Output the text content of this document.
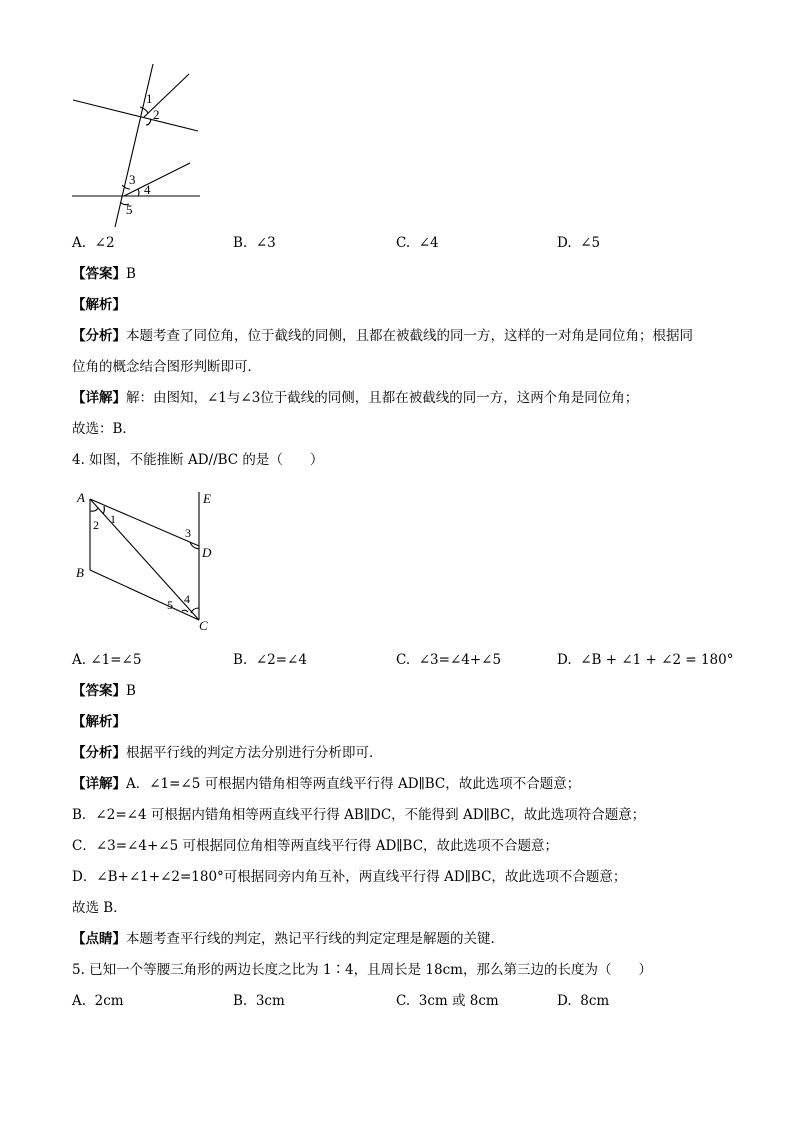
1
2
3
4
5
A. ∠2	B. ∠3	C. ∠4	D. ∠5
【答案】B
【解析】
【分析】本题考查了同位角，位于截线的同侧，且都在被截线的同一方，这样的一对角是同位角；根据同
位角的概念结合图形判断即可．
【详解】解：由图知，∠1与∠3位于截线的同侧，且都在被截线的同一方，这两个角是同位角；
故选：B．
4. 如图，不能推断 AD//BC 的是（　　）
A
B
C
D
E
1
2
3
4
5
A. ∠1=∠5	B. ∠2=∠4	C. ∠3=∠4+∠5	D. ∠B + ∠1 + ∠2 = 180°
【答案】B
【解析】
【分析】根据平行线的判定方法分别进行分析即可．
【详解】A．∠1=∠5 可根据内错角相等两直线平行得 AD∥BC，故此选项不合题意；
B．∠2=∠4 可根据内错角相等两直线平行得 AB∥DC，不能得到 AD∥BC，故此选项符合题意；
C．∠3=∠4+∠5 可根据同位角相等两直线平行得 AD∥BC，故此选项不合题意；
D．∠B+∠1+∠2=180°可根据同旁内角互补，两直线平行得 AD∥BC，故此选项不合题意；
故选 B．
【点睛】本题考查平行线的判定，熟记平行线的判定定理是解题的关键．
5. 已知一个等腰三角形的两边长度之比为 1∶4，且周长是 18cm，那么第三边的长度为（　　）
A. 2cm	B. 3cm	C. 3cm 或 8cm	D. 8cm
